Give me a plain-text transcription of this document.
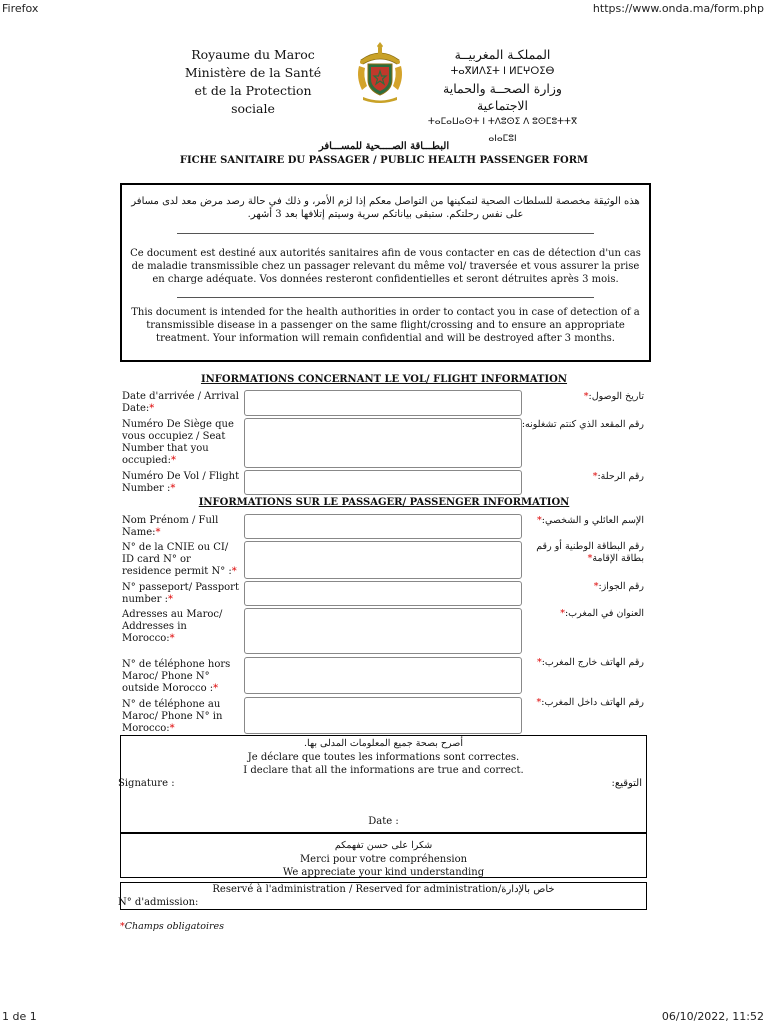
Firefox	https://www.onda.ma/form.php
1 de 1	06/10/2022, 11:52
Royaume du Maroc
Ministère de la Santé
et de la Protection sociale
المملكـة المغربيــة
ⵜⴰⴳⵍⴷⵉⵜ ⵏ ⵍⵎⵖⵔⵉⴱ
وزارة الصحــة والحماية الاجتماعية
ⵜⴰⵎⴰⵡⴰⵙⵜ ⵏ ⵜⴷⵓⵙⵉ ⴷ ⵓⵙⵎⵓⵜⵜⴳ ⴰⵏⴰⵎⵓⵏ
البطـــاقة الصــــحية للمســـافر
FICHE SANITAIRE DU PASSAGER / PUBLIC HEALTH PASSENGER FORM

هذه الوثيقة مخصصة للسلطات الصحية لتمكينها من التواصل معكم إذا لزم الأمر، و ذلك في حالة رصد مرض معد لدى مسافر على نفس رحلتكم. ستبقى بياناتكم سرية وسيتم إتلافها بعد 3 أشهر.

Ce document est destiné aux autorités sanitaires afin de vous contacter en cas de détection d'un cas de maladie transmissible chez un passager relevant du même vol/ traversée et vous assurer la prise en charge adéquate. Vos données resteront confidentielles et seront détruites après 3 mois.

This document is intended for the health authorities in order to contact you in case of detection of a transmissible disease in a passenger on the same flight/crossing and to ensure an appropriate treatment. Your information will remain confidential and will be destroyed after 3 months.

INFORMATIONS CONCERNANT LE VOL/ FLIGHT INFORMATION
Date d'arrivée / Arrival Date:*
تاريخ الوصول:*
Numéro De Siège que vous occupiez / Seat Number that you occupied:*
رقم المقعد الذي كنتم تشغلونه:
Numéro De Vol / Flight Number :*
رقم الرحلة:*
INFORMATIONS SUR LE PASSAGER/ PASSENGER INFORMATION
Nom Prénom / Full Name:*
الإسم العائلي و الشخصي:*
N° de la CNIE ou CI/ ID card N° or residence permit N° :*
رقم البطاقة الوطنية أو رقم بطاقة الإقامة*
N° passeport/ Passport number :*
رقم الجواز:*
Adresses au Maroc/ Addresses in Morocco:*
العنوان في المغرب:*
N° de téléphone hors Maroc/ Phone N° outside Morocco :*
رقم الهاتف خارج المغرب:*
N° de téléphone au Maroc/ Phone N° in Morocco:*
رقم الهاتف داخل المغرب:*
أصرح بصحة جميع المعلومات المدلى بها.
Je déclare que toutes les informations sont correctes.
I declare that all the informations are true and correct.
Signature :	التوقيع:
Date :
شكرا على حسن تفهمكم
Merci pour votre compréhension
We appreciate your kind understanding
Reservé à l'administration / Reserved for administration/خاص بالإدارة
N° d'admission:
*Champs obligatoires
